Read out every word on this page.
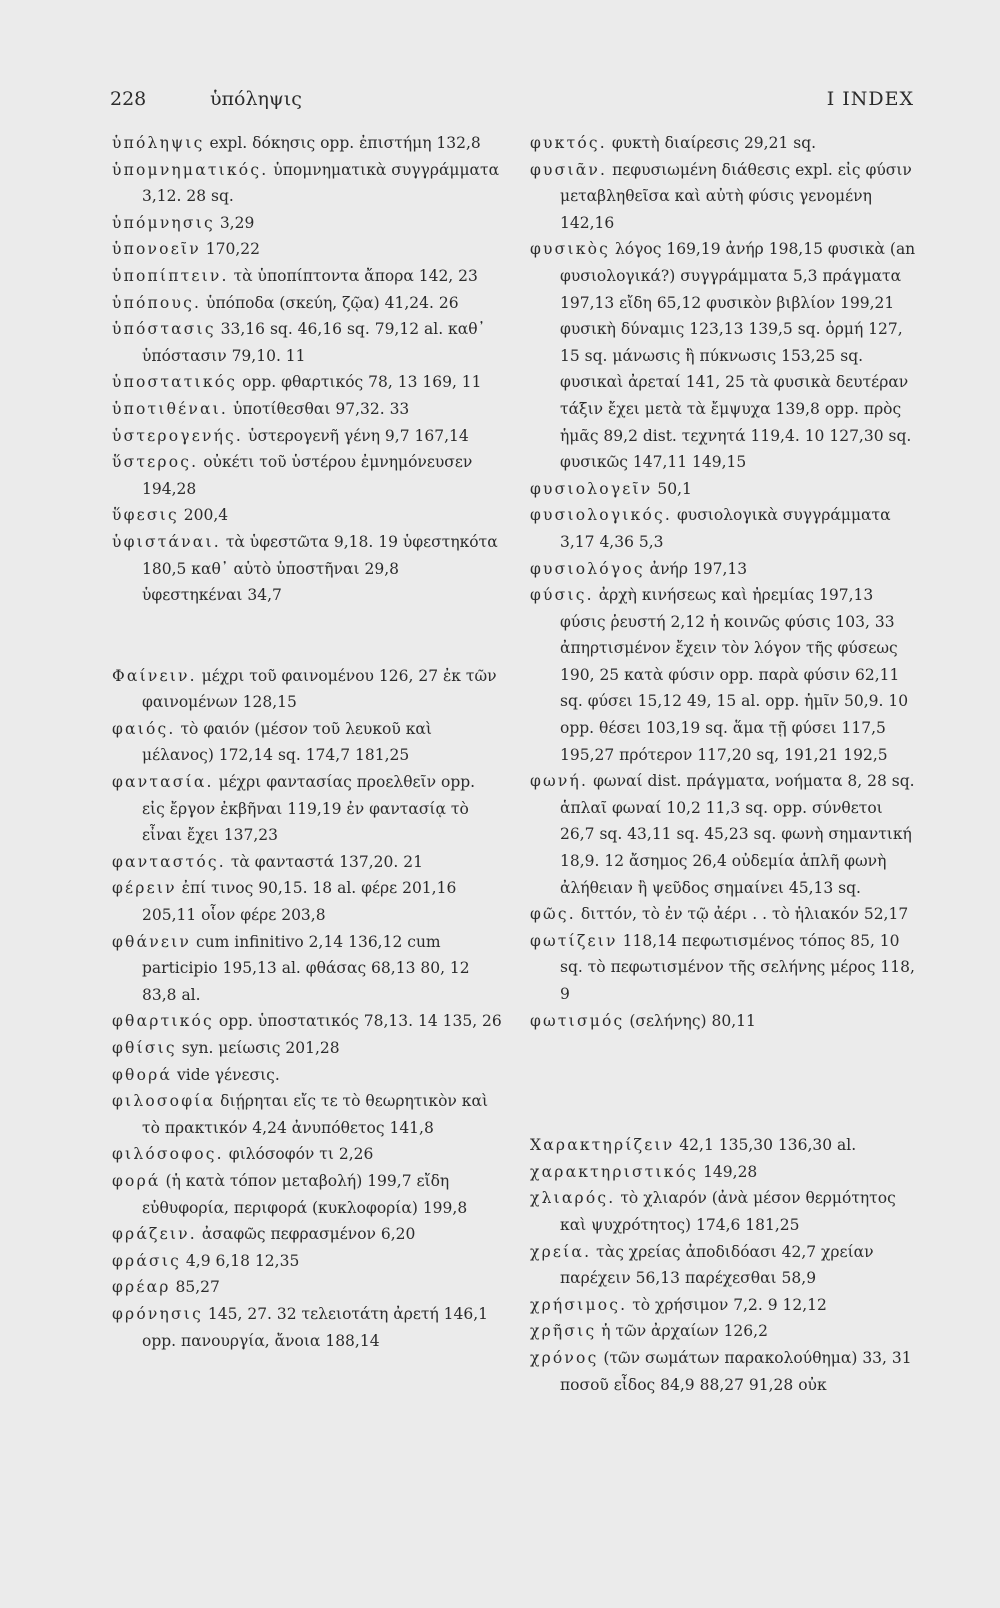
228	ὑπόληψις	I INDEX

ὑπόληψις expl. δόκησις opp. ἐπιστήμη 132,8

ὑπομνηματικός. ὑπομνηματικὰ συγγράμματα 3,12. 28 sq.

ὑπόμνησις 3,29

ὑπονοεῖν 170,22

ὑποπίπτειν. τὰ ὑποπίπτοντα ἄπορα 142, 23

ὑπόπους. ὑπόποδα (σκεύη, ζῷα) 41,24. 26

ὑπόστασις 33,16 sq. 46,16 sq. 79,12 al. καθ᾽ ὑπόστασιν 79,10. 11

ὑποστατικός opp. φθαρτικός 78, 13 169, 11

ὑποτιθέναι. ὑποτίθεσθαι 97,32. 33

ὑστερογενής. ὑστερογενῆ γένη 9,7 167,14

ὕστερος. οὐκέτι τοῦ ὑστέρου ἐμνημόνευσεν 194,28

ὕφεσις 200,4

ὑφιστάναι. τὰ ὑφεστῶτα 9,18. 19 ὑφεστηκότα 180,5 καθ᾽ αὑτὸ ὑποστῆναι 29,8 ὑφεστηκέναι 34,7

Φαίνειν. μέχρι τοῦ φαινομένου 126, 27 ἐκ τῶν φαινομένων 128,15

φαιός. τὸ φαιόν (μέσον τοῦ λευκοῦ καὶ μέλανος) 172,14 sq. 174,7 181,25

φαντασία. μέχρι φαντασίας προελθεῖν opp. εἰς ἔργον ἐκβῆναι 119,19 ἐν φαντασίᾳ τὸ εἶναι ἔχει 137,23

φανταστός. τὰ φανταστά 137,20. 21

φέρειν ἐπί τινος 90,15. 18 al. φέρε 201,16 205,11 οἷον φέρε 203,8

φθάνειν cum infinitivo 2,14 136,12 cum participio 195,13 al. φθάσας 68,13 80, 12 83,8 al.

φθαρτικός opp. ὑποστατικός 78,13. 14 135, 26

φθίσις syn. μείωσις 201,28

φθορά vide γένεσις.

φιλοσοφία διῄρηται εἴς τε τὸ θεωρητικὸν καὶ τὸ πρακτικόν 4,24 ἀνυπόθετος 141,8

φιλόσοφος. φιλόσοφόν τι 2,26

φορά (ἡ κατὰ τόπον μεταβολή) 199,7 εἴδη εὐθυφορία, περιφορά (κυκλοφορία) 199,8

φράζειν. ἀσαφῶς πεφρασμένον 6,20

φράσις 4,9 6,18 12,35

φρέαρ 85,27

φρόνησις 145, 27. 32 τελειοτάτη ἀρετή 146,1 opp. πανουργία, ἄνοια 188,14

φυκτός. φυκτὴ διαίρεσις 29,21 sq.

φυσιᾶν. πεφυσιωμένη διάθεσις expl. εἰς φύσιν μεταβληθεῖσα καὶ αὐτὴ φύσις γενομένη 142,16

φυσικὸς λόγος 169,19 ἀνήρ 198,15 φυσικὰ (an φυσιολογικά?) συγγράμματα 5,3 πράγματα 197,13 εἴδη 65,12 φυσικὸν βιβλίον 199,21 φυσικὴ δύναμις 123,13 139,5 sq. ὁρμή 127, 15 sq. μάνωσις ἢ πύκνωσις 153,25 sq. φυσικαὶ ἀρεταί 141, 25 τὰ φυσικὰ δευτέραν τάξιν ἔχει μετὰ τὰ ἔμψυχα 139,8 opp. πρὸς ἡμᾶς 89,2 dist. τεχνητά 119,4. 10 127,30 sq. φυσικῶς 147,11 149,15

φυσιολογεῖν 50,1

φυσιολογικός. φυσιολογικὰ συγγράμματα 3,17 4,36 5,3

φυσιολόγος ἀνήρ 197,13

φύσις. ἀρχὴ κινήσεως καὶ ἠρεμίας 197,13 φύσις ῥευστή 2,12 ἡ κοινῶς φύσις 103, 33 ἀπηρτισμένον ἔχειν τὸν λόγον τῆς φύσεως 190, 25 κατὰ φύσιν opp. παρὰ φύσιν 62,11 sq. φύσει 15,12 49, 15 al. opp. ἡμῖν 50,9. 10 opp. θέσει 103,19 sq. ἅμα τῇ φύσει 117,5 195,27 πρότερον 117,20 sq, 191,21 192,5

φωνή. φωναί dist. πράγματα, νοήματα 8, 28 sq. ἁπλαῖ φωναί 10,2 11,3 sq. opp. σύνθετοι 26,7 sq. 43,11 sq. 45,23 sq. φωνὴ σημαντική 18,9. 12 ἄσημος 26,4 οὐδεμία ἁπλῆ φωνὴ ἀλήθειαν ἢ ψεῦδος σημαίνει 45,13 sq.

φῶς. διττόν, τὸ ἐν τῷ ἀέρι . . τὸ ἡλιακόν 52,17

φωτίζειν 118,14 πεφωτισμένος τόπος 85, 10 sq. τὸ πεφωτισμένον τῆς σελήνης μέρος 118, 9

φωτισμός (σελήνης) 80,11

Χαρακτηρίζειν 42,1 135,30 136,30 al.

χαρακτηριστικός 149,28

χλιαρός. τὸ χλιαρόν (ἀνὰ μέσον θερμότητος καὶ ψυχρότητος) 174,6 181,25

χρεία. τὰς χρείας ἀποδιδόασι 42,7 χρείαν παρέχειν 56,13 παρέχεσθαι 58,9

χρήσιμος. τὸ χρήσιμον 7,2. 9 12,12

χρῆσις ἡ τῶν ἀρχαίων 126,2

χρόνος (τῶν σωμάτων παρακολούθημα) 33, 31 ποσοῦ εἶδος 84,9 88,27 91,28 οὐκ
